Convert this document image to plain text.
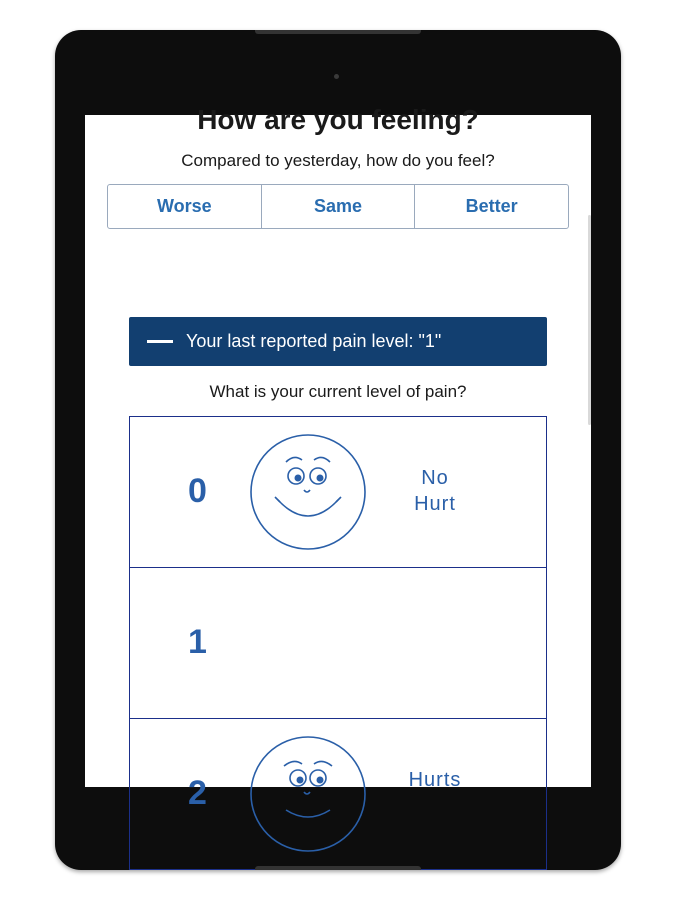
How are you feeling?
Compared to yesterday, how do you feel?
Worse	Same	Better
Your last reported pain level: "1"
What is your current level of pain?
0	No
Hurt
1
2	Hurts
